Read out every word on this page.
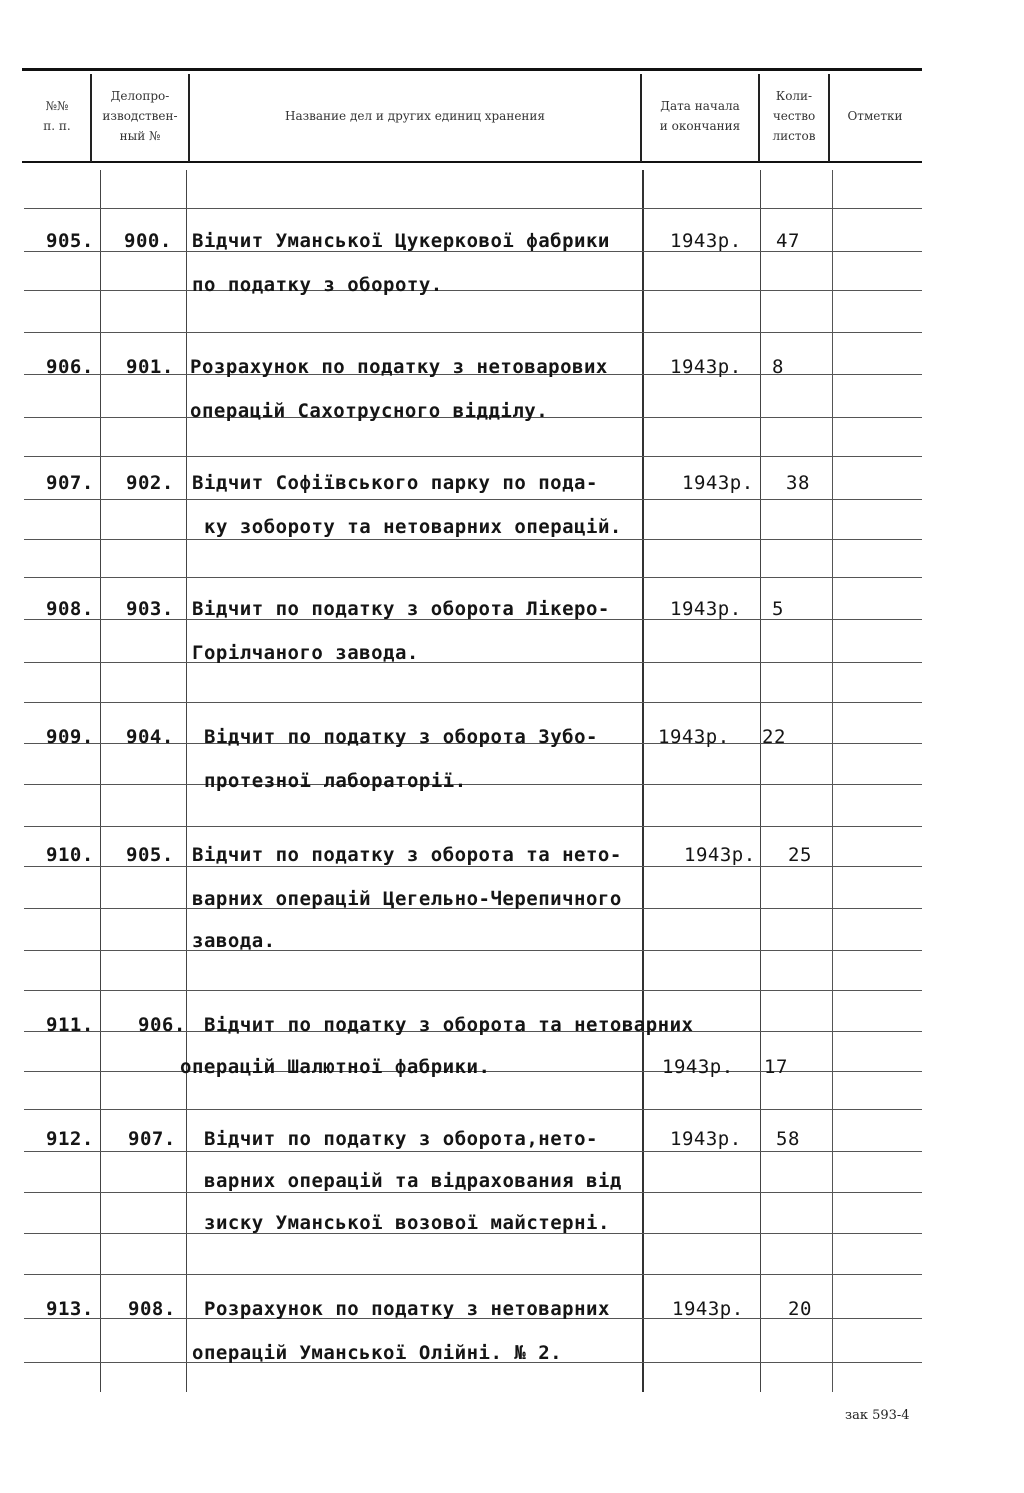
№№
п. п.
Делопро-
изводствен-
ный №
Название дел и других единиц хранения
Дата начала
и окончания
Коли-
чество
листов
Отметки
905. 900. Відчит Уманської Цукеркової фабрики
по податку з обороту.
1943р. 47
906. 901. Розрахунок по податку з нетоварових
операцій Сахотрусного відділу.
1943р. 8
907. 902. Відчит Софіївського парку по пода-
ку зобороту та нетоварних операцій.
1943р. 38
908. 903. Відчит по податку з оборота Лікеро-
Горілчаного завода.
1943р. 5
909. 904. Відчит по податку з оборота Зубо-
протезної лабораторії.
1943р. 22
910. 905. Відчит по податку з оборота та нето-
варних операцій Цегельно-Черепичного
завода.
1943р. 25
911. 906. Відчит по податку з оборота та нетоварних
операцій Шалютної фабрики.	1943р. 17
912. 907. Відчит по податку з оборота,нето-
варних операцій та відрахования від
зиску Уманської возової майстерні.
1943р. 58
913. 908. Розрахунок по податку з нетоварних
операцій Уманської Олійні. № 2.
1943р. 20
зак 593-4
